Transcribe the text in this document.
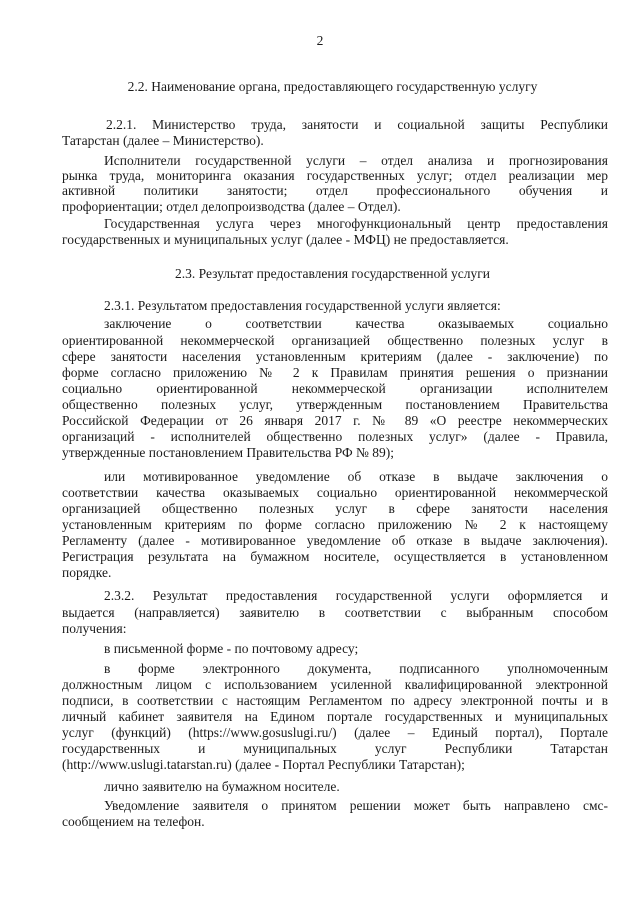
2
2.2. Наименование органа, предоставляющего государственную услугу
2.2.1. Министерство труда, занятости и социальной защиты Республики
Татарстан (далее – Министерство).
Исполнители государственной услуги – отдел анализа и прогнозирования
рынка труда, мониторинга оказания государственных услуг; отдел реализации мер
активной политики занятости; отдел профессионального обучения и
профориентации; отдел делопроизводства (далее – Отдел).
Государственная услуга через многофункциональный центр предоставления
государственных и муниципальных услуг (далее - МФЦ) не предоставляется.
2.3. Результат предоставления государственной услуги
2.3.1. Результатом предоставления государственной услуги является:
заключение о соответствии качества оказываемых социально
ориентированной некоммерческой организацией общественно полезных услуг в
сфере занятости населения установленным критериям (далее - заключение) по
форме согласно приложению № 2 к Правилам принятия решения о признании
социально ориентированной некоммерческой организации исполнителем
общественно полезных услуг, утвержденным постановлением Правительства
Российской Федерации от 26 января 2017 г. № 89 «О реестре некоммерческих
организаций - исполнителей общественно полезных услуг» (далее - Правила,
утвержденные постановлением Правительства РФ № 89);
или мотивированное уведомление об отказе в выдаче заключения о
соответствии качества оказываемых социально ориентированной некоммерческой
организацией общественно полезных услуг в сфере занятости населения
установленным критериям по форме согласно приложению № 2 к настоящему
Регламенту (далее - мотивированное уведомление об отказе в выдаче заключения).
Регистрация результата на бумажном носителе, осуществляется в установленном
порядке.
2.3.2. Результат предоставления государственной услуги оформляется и
выдается (направляется) заявителю в соответствии с выбранным способом
получения:
в письменной форме - по почтовому адресу;
в форме электронного документа, подписанного уполномоченным
должностным лицом с использованием усиленной квалифицированной электронной
подписи, в соответствии с настоящим Регламентом по адресу электронной почты и в
личный кабинет заявителя на Едином портале государственных и муниципальных
услуг (функций) (https://www.gosuslugi.ru/) (далее – Единый портал), Портале
государственных и муниципальных услуг Республики Татарстан
(http://www.uslugi.tatarstan.ru) (далее - Портал Республики Татарстан);
лично заявителю на бумажном носителе.
Уведомление заявителя о принятом решении может быть направлено смс-
сообщением на телефон.
